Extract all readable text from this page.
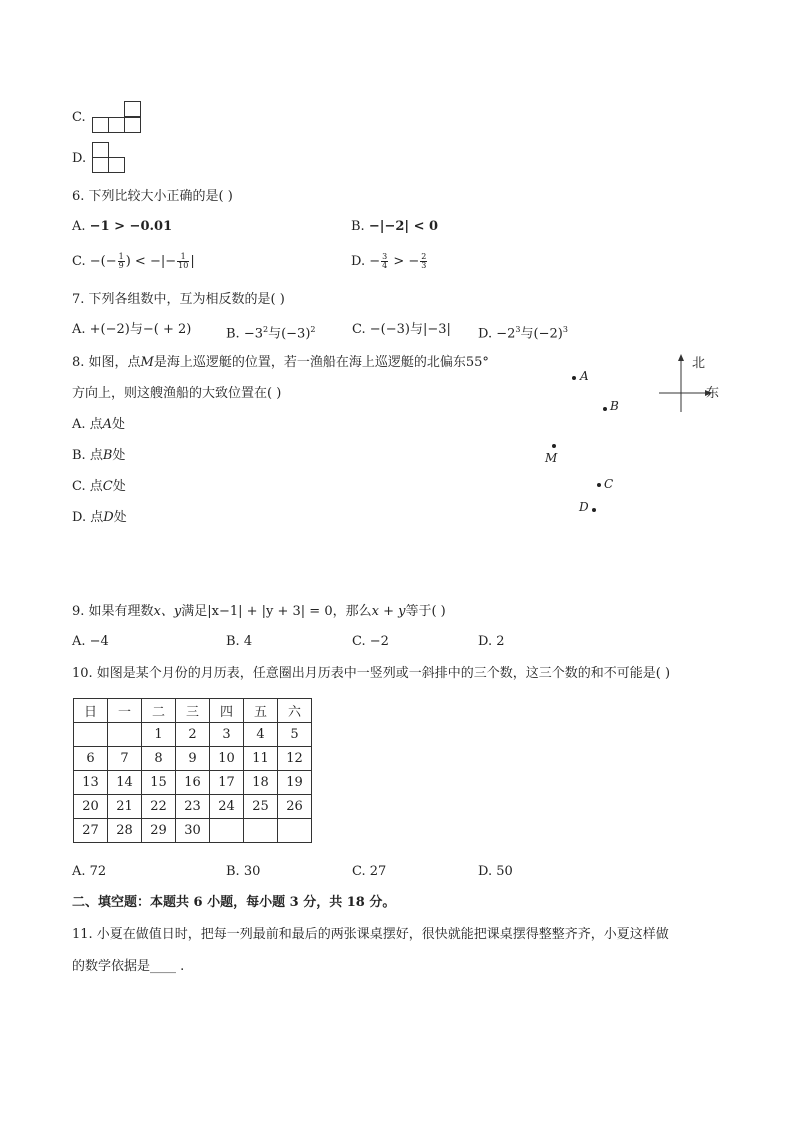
C.
D.
6. 下列比较大小正确的是( )
A. −1 > −0.01	B. −|−2| < 0
C. −(− $\frac{1}{9}$ ) < −|− $\frac{1}{10}$ |	D. − $\frac{3}{4}$ > − $\frac{2}{3}$
7. 下列各组数中，互为相反数的是( )
A. +(−2)与−( + 2)	B. $-3^2$与$(-3)^2$	C. −(−3)与|−3| D. $-2^3$与$(-2)^3$
8. 如图，点M是海上巡逻艇的位置，若一渔船在海上巡逻艇的北偏东55°
方向上，则这艘渔船的大致位置在( )
A. 点A处
B. 点B处
C. 点C处
D. 点D处
A
B
M
C
D
北
东
9. 如果有理数x、y满足|x−1| + |y + 3| = 0，那么x + y等于( )
A. −4	B. 4	C. −2	D. 2
10. 如图是某个月份的月历表，任意圈出月历表中一竖列或一斜排中的三个数，这三个数的和不可能是( )
日	一	二	三	四	五	六
		1	2	3	4	5
6	7	8	9	10	11	12
13	14	15	16	17	18	19
20	21	22	23	24	25	26
27	28	29	30			
A. 72	B. 30	C. 27	D. 50
二、填空题：本题共 6 小题，每小题 3 分，共 18 分。
11. 小夏在做值日时，把每一列最前和最后的两张课桌摆好，很快就能把课桌摆得整整齐齐，小夏这样做
的数学依据是____ .
